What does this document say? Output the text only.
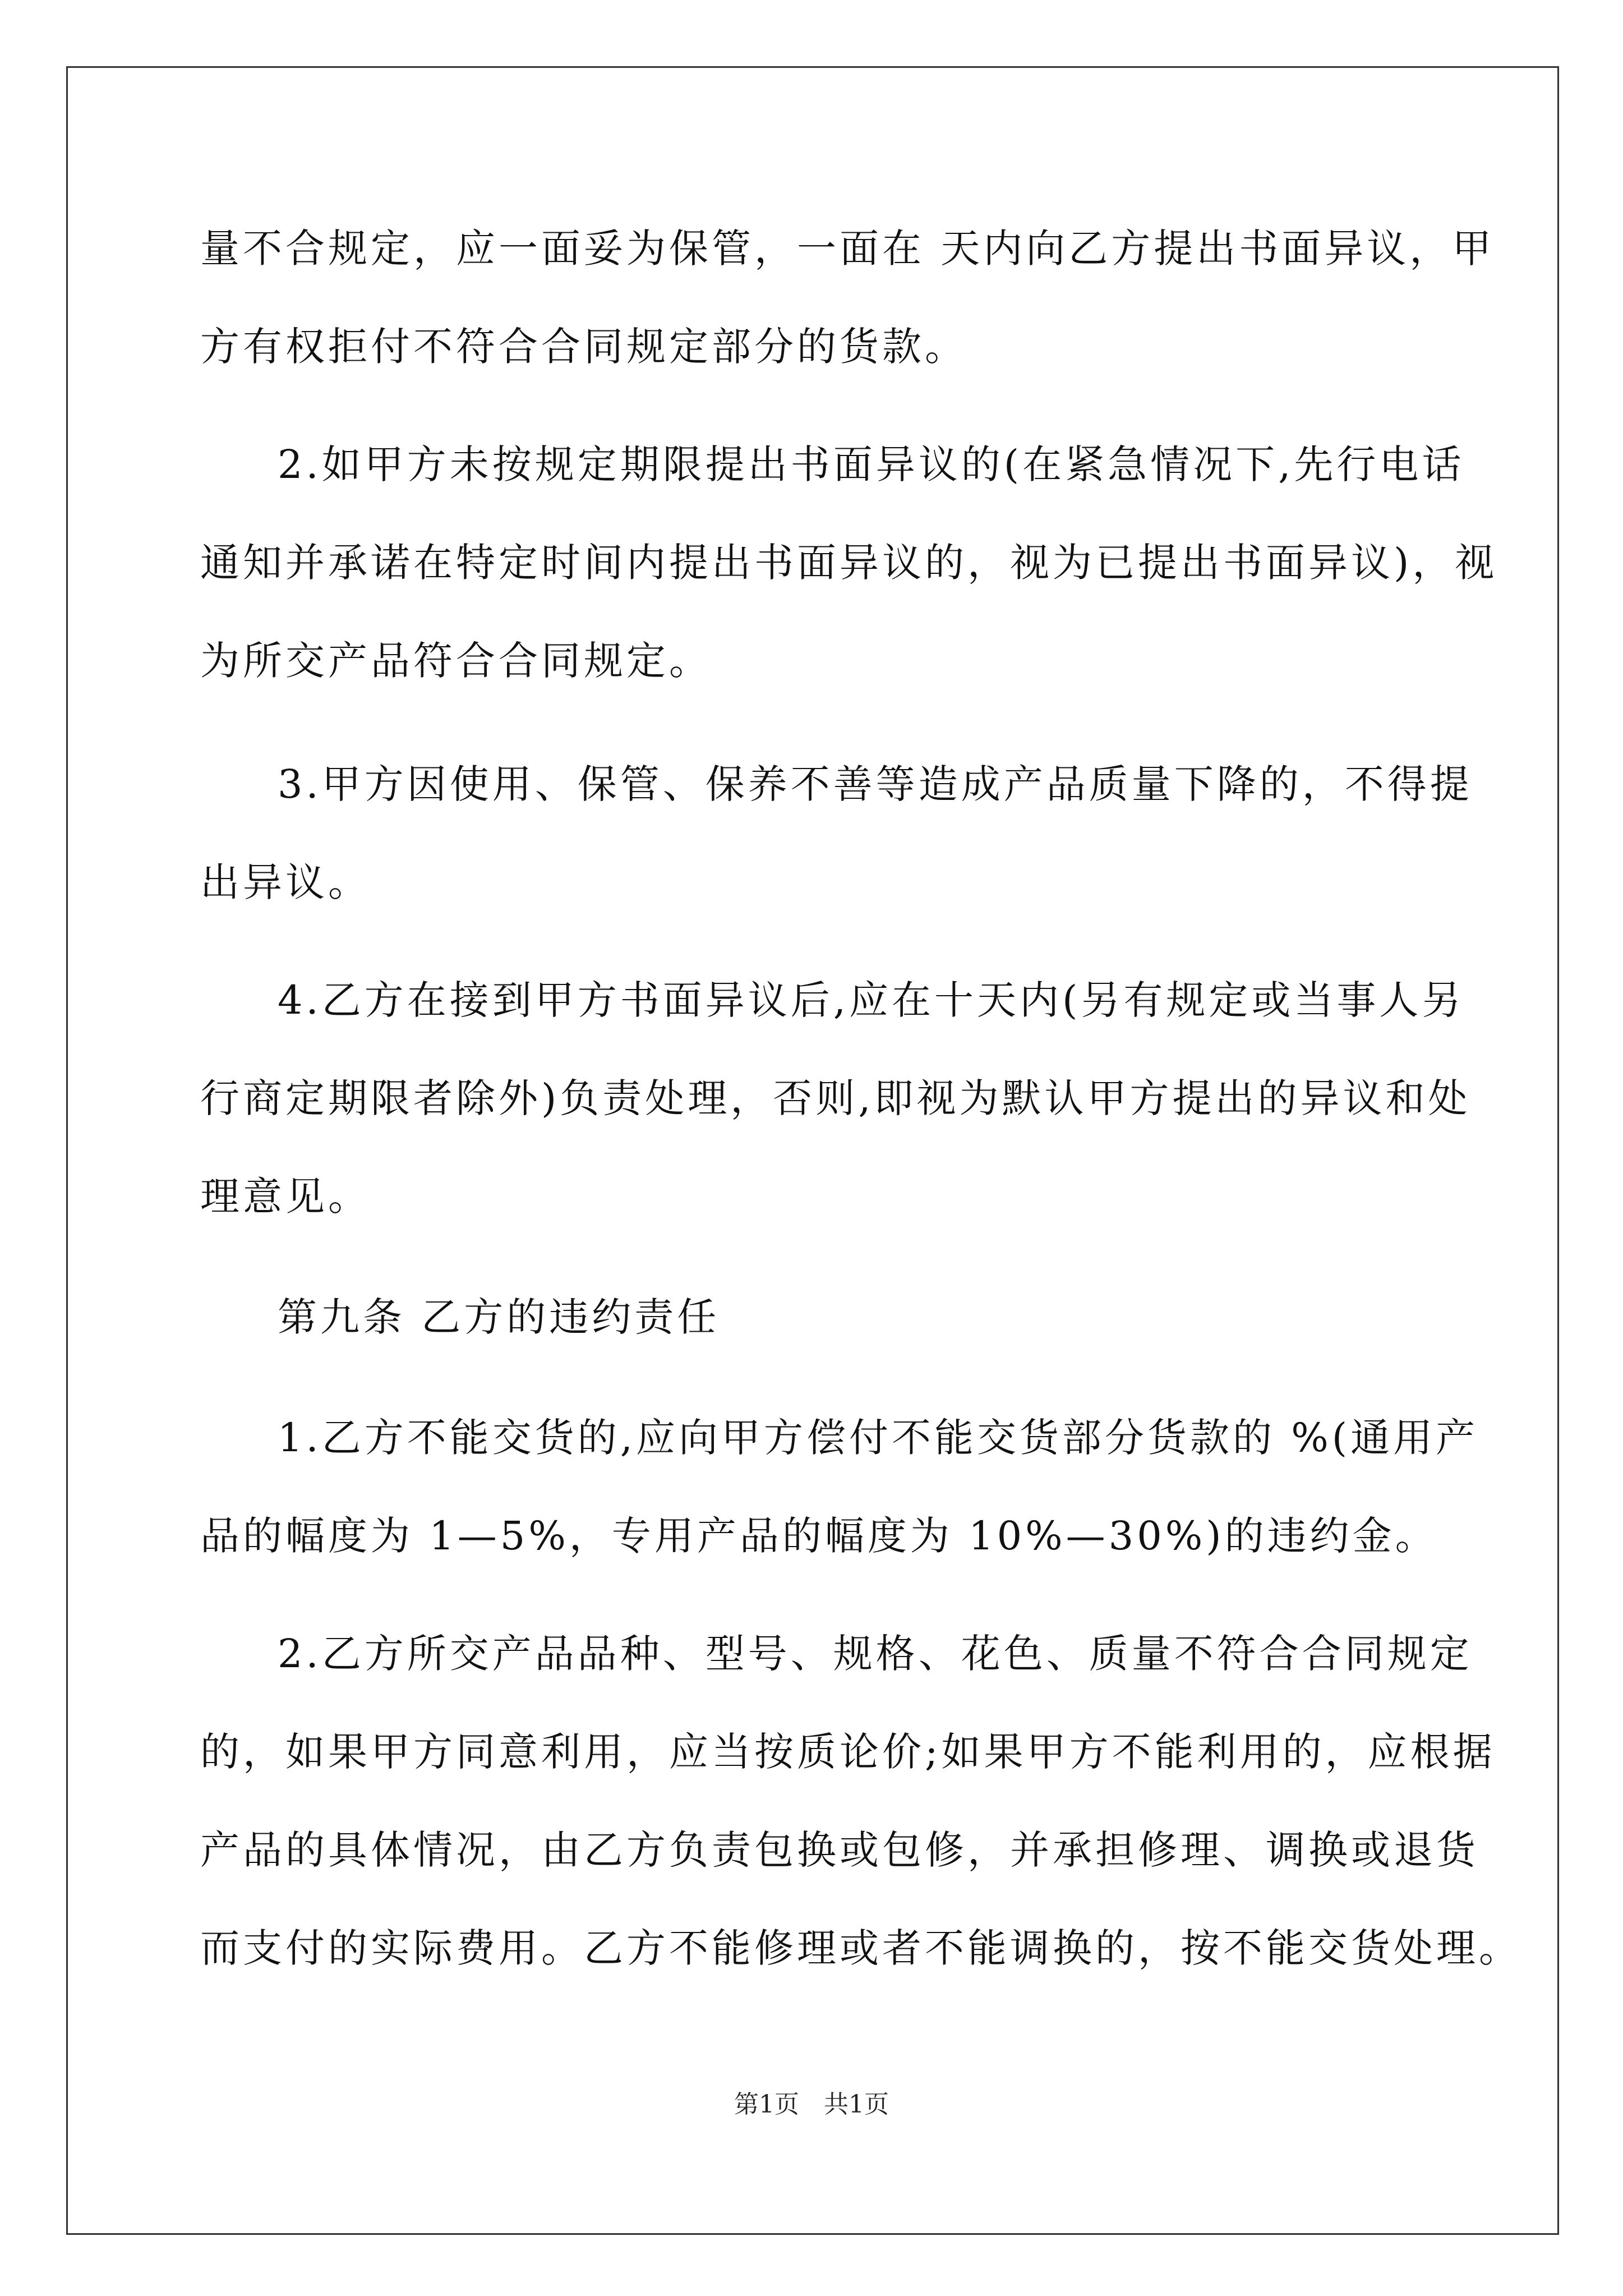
量不合规定，应一面妥为保管，一面在 天内向乙方提出书面异议，甲

方有权拒付不符合合同规定部分的货款。

2.如甲方未按规定期限提出书面异议的(在紧急情况下,先行电话

通知并承诺在特定时间内提出书面异议的，视为已提出书面异议)，视

为所交产品符合合同规定。

3.甲方因使用、保管、保养不善等造成产品质量下降的，不得提

出异议。

4.乙方在接到甲方书面异议后,应在十天内(另有规定或当事人另

行商定期限者除外)负责处理，否则,即视为默认甲方提出的异议和处

理意见。

第九条 乙方的违约责任

1.乙方不能交货的,应向甲方偿付不能交货部分货款的 %(通用产

品的幅度为 1—5%，专用产品的幅度为 10%—30%)的违约金。

2.乙方所交产品品种、型号、规格、花色、质量不符合合同规定

的，如果甲方同意利用，应当按质论价;如果甲方不能利用的，应根据

产品的具体情况，由乙方负责包换或包修，并承担修理、调换或退货

而支付的实际费用。乙方不能修理或者不能调换的，按不能交货处理。

第1页　共1页
